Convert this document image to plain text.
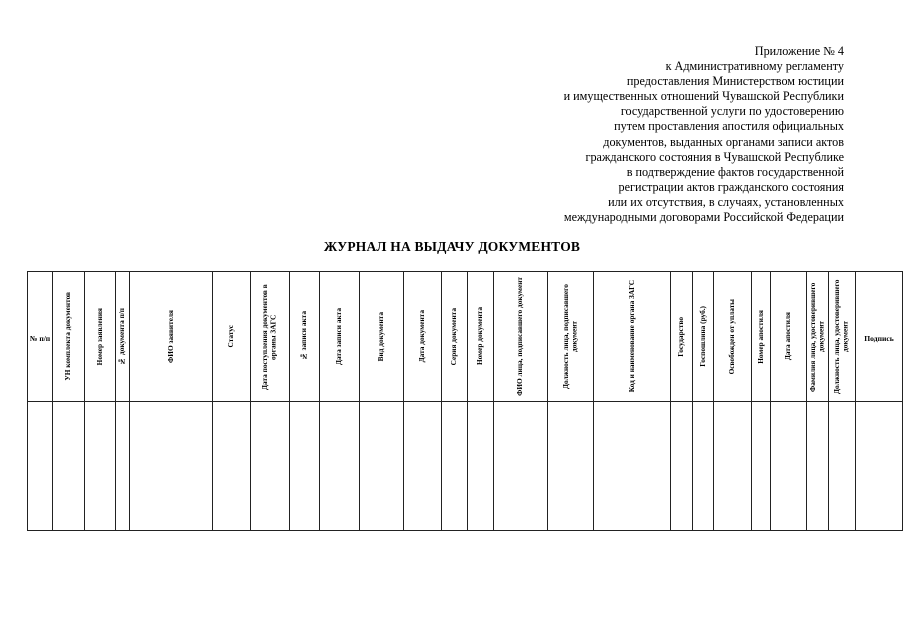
Приложение № 4
к Административному регламенту
предоставления Министерством юстиции
и имущественных отношений Чувашской Республики
государственной услуги по удостоверению
путем проставления апостиля официальных
документов, выданных органами записи актов
гражданского состояния в Чувашской Республике
в подтверждение фактов государственной
регистрации актов гражданского состояния
или их отсутствия, в случаях, установленных
международными договорами Российской Федерации
ЖУРНАЛ НА ВЫДАЧУ ДОКУМЕНТОВ
№ п/п	УН комплекта документов	Номер заявления	№ документа п/п	ФИО заявителя	Статус	Дата поступления документов в органы ЗАГС	№ записи акта	Дата записи акта	Вид документа	Дата документа	Серия документа	Номер документа	ФИО лица, подписавшего документ	Должность лица, подписавшего документ	Код и наименование органа ЗАГС	Государство	Госпошлина (руб.)	Освобожден от уплаты	Номер апостиля	Дата апостиля	Фамилия лица, удостоверившего документ	Должность лица, удостоверившего документ	Подпись
